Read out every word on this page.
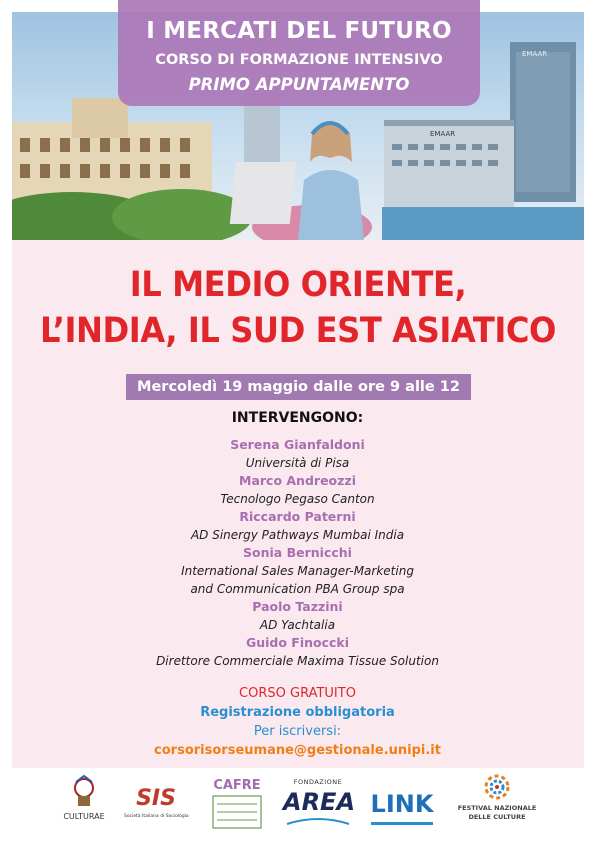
EMAAR
EMAAR
I MERCATI DEL FUTURO
CORSO DI FORMAZIONE INTENSIVO
PRIMO APPUNTAMENTO
IL MEDIO ORIENTE,
L’INDIA, IL SUD EST ASIATICO
Mercoledì 19 maggio dalle ore 9 alle 12
INTERVENGONO:
Serena Gianfaldoni
Università di Pisa
Marco Andreozzi
Tecnologo Pegaso Canton
Riccardo Paterni
AD Sinergy Pathways Mumbai India
Sonia Bernicchi
International Sales Manager-Marketing
and Communication PBA Group spa
Paolo Tazzini
AD Yachtalia
Guido Finoccki
Direttore Commerciale Maxima Tissue Solution
CORSO GRATUITO
Registrazione obbligatoria
Per iscriversi:
corsorisorseumane@gestionale.unipi.it
CULTURAE
SIS
Società Italiana di Sociologia
CAFRE	FONDAZIONE
AREA LINK	FESTIVAL NAZIONALE
DELLE CULTURE
